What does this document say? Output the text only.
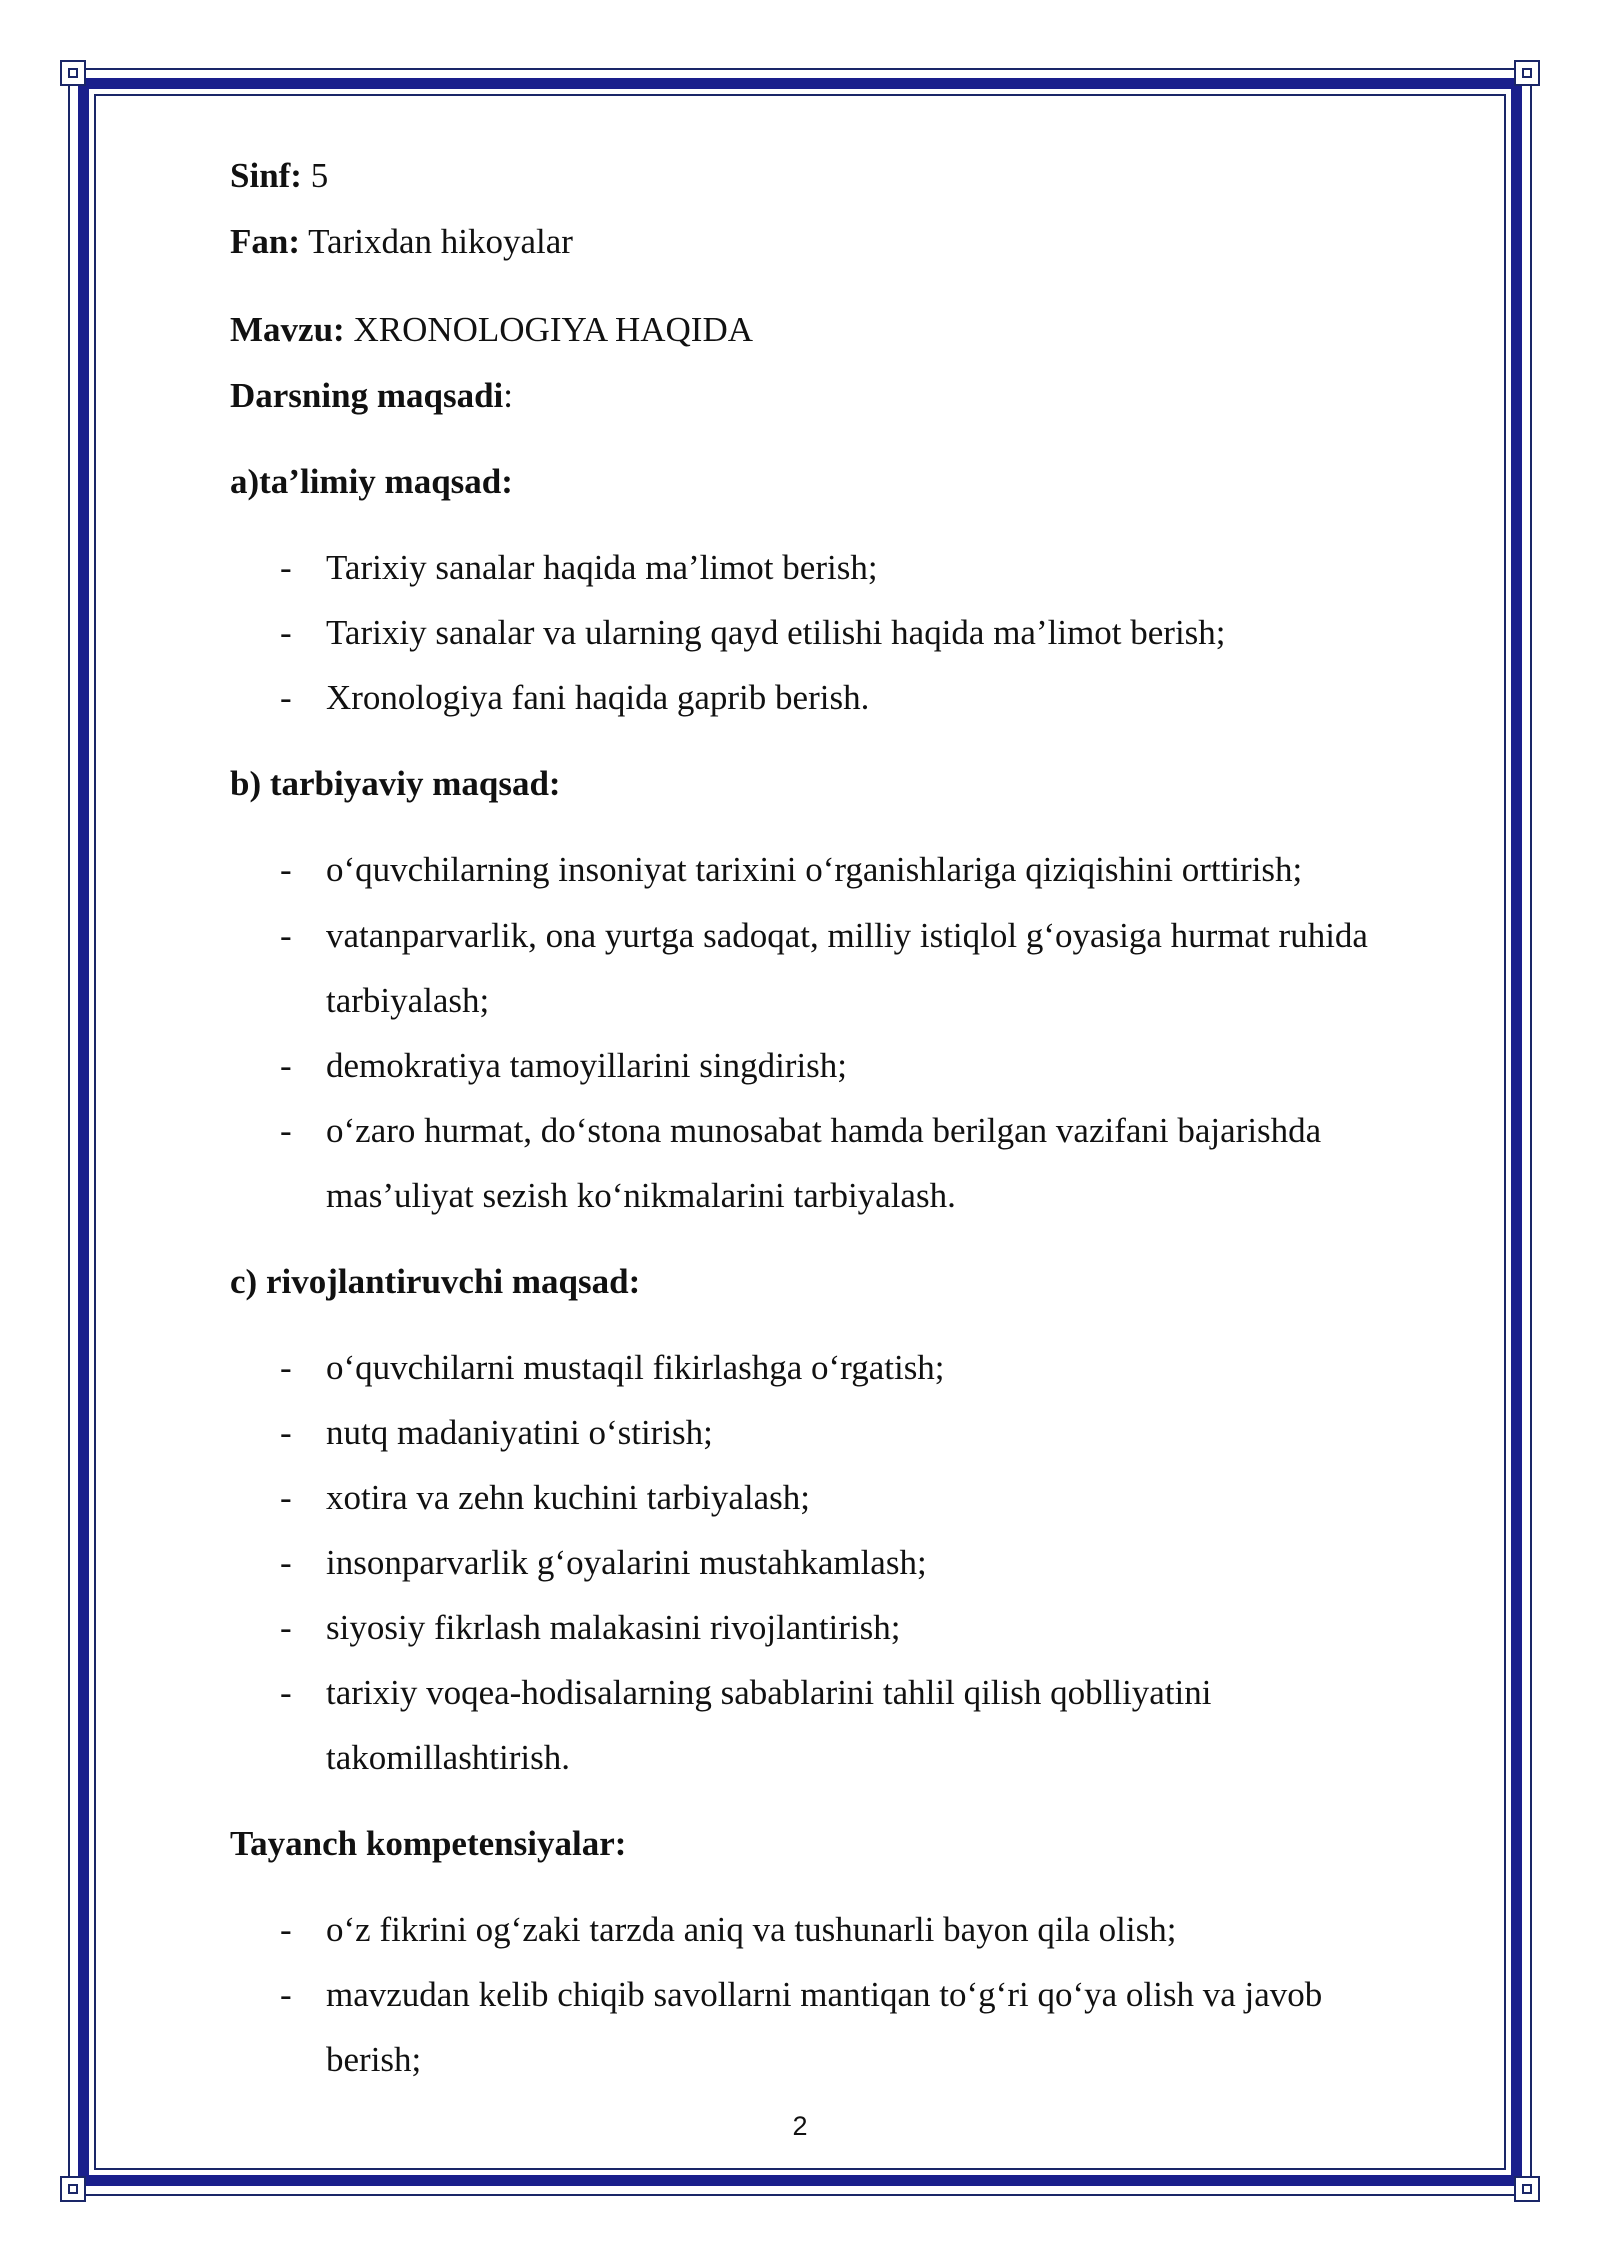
Sinf: 5
Fan: Tarixdan hikoyalar
Mavzu: XRONOLOGIYA HAQIDA
Darsning maqsadi:
a)ta’limiy maqsad:
- Tarixiy sanalar haqida ma’limot berish;
- Tarixiy sanalar va ularning qayd etilishi haqida ma’limot berish;
- Xronologiya fani haqida gaprib berish.
b) tarbiyaviy maqsad:
- o‘quvchilarning insoniyat tarixini o‘rganishlariga qiziqishini orttirish;
- vatanparvarlik, ona yurtga sadoqat, milliy istiqlol g‘oyasiga hurmat ruhida
tarbiyalash;
- demokratiya tamoyillarini singdirish;
- o‘zaro hurmat, do‘stona munosabat hamda berilgan vazifani bajarishda
mas’uliyat sezish ko‘nikmalarini tarbiyalash.
c) rivojlantiruvchi maqsad:
- o‘quvchilarni mustaqil fikirlashga o‘rgatish;
- nutq madaniyatini o‘stirish;
- xotira va zehn kuchini tarbiyalash;
- insonparvarlik g‘oyalarini mustahkamlash;
- siyosiy fikrlash malakasini rivojlantirish;
- tarixiy voqea-hodisalarning sabablarini tahlil qilish qoblliyatini
takomillashtirish.
Tayanch kompetensiyalar:
- o‘z fikrini og‘zaki tarzda aniq va tushunarli bayon qila olish;
- mavzudan kelib chiqib savollarni mantiqan to‘g‘ri qo‘ya olish va javob
berish;
2
